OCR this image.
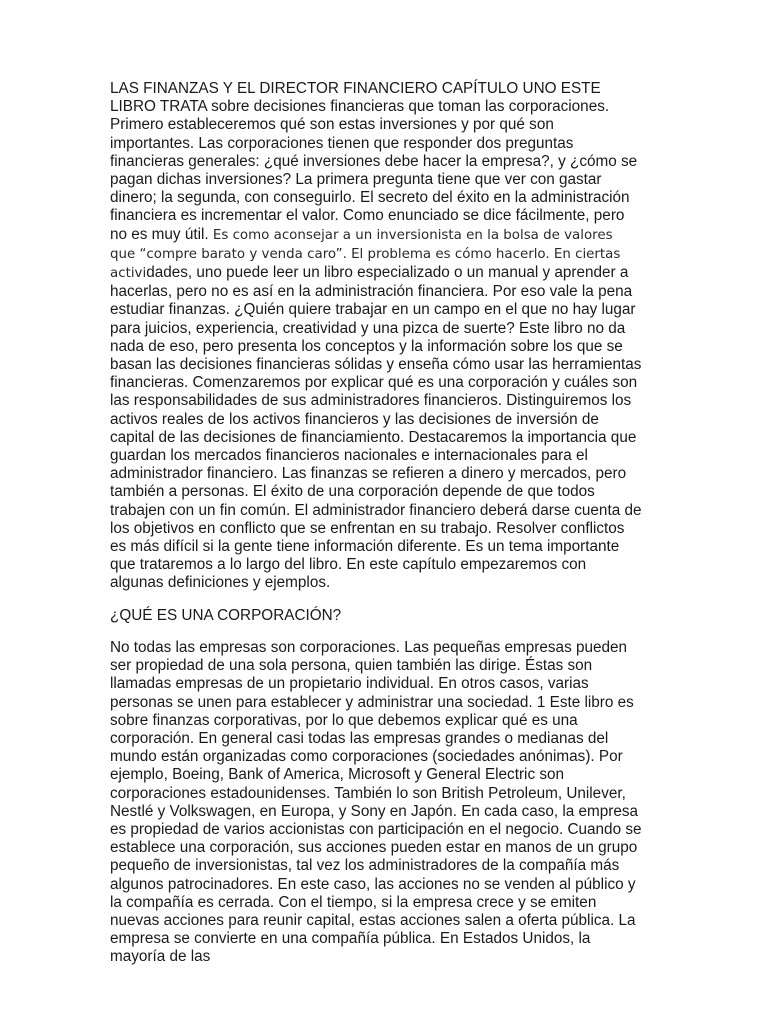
LAS FINANZAS Y EL DIRECTOR FINANCIERO CAPÍTULO UNO ESTE LIBRO TRATA sobre decisiones financieras que toman las corporaciones. Primero estableceremos qué son estas inversiones y por qué son importantes. Las corporaciones tienen que responder dos preguntas financieras generales: ¿qué inversiones debe hacer la empresa?, y ¿cómo se pagan dichas inversiones? La primera pregunta tiene que ver con gastar dinero; la segunda, con conseguirlo. El secreto del éxito en la administración financiera es incrementar el valor. Como enunciado se dice fácilmente, pero no es muy útil. Es como aconsejar a un inversionista en la bolsa de valores que “compre barato y venda caro”. El problema es cómo hacerlo. En ciertas actividades, uno puede leer un libro especializado o un manual y aprender a hacerlas, pero no es así en la administración financiera. Por eso vale la pena estudiar finanzas. ¿Quién quiere trabajar en un campo en el que no hay lugar para juicios, experiencia, creatividad y una pizca de suerte? Este libro no da nada de eso, pero presenta los conceptos y la información sobre los que se basan las decisiones financieras sólidas y enseña cómo usar las herramientas financieras. Comenzaremos por explicar qué es una corporación y cuáles son las responsabilidades de sus administradores financieros. Distinguiremos los activos reales de los activos financieros y las decisiones de inversión de capital de las decisiones de financiamiento. Destacaremos la importancia que guardan los mercados financieros nacionales e internacionales para el administrador financiero. Las finanzas se refieren a dinero y mercados, pero también a personas. El éxito de una corporación depende de que todos trabajen con un fin común. El administrador financiero deberá darse cuenta de los objetivos en conflicto que se enfrentan en su trabajo. Resolver conflictos es más difícil si la gente tiene información diferente. Es un tema importante que trataremos a lo largo del libro. En este capítulo empezaremos con algunas definiciones y ejemplos.

¿QUÉ ES UNA CORPORACIÓN?

No todas las empresas son corporaciones. Las pequeñas empresas pueden ser propiedad de una sola persona, quien también las dirige. Éstas son llamadas empresas de un propietario individual. En otros casos, varias personas se unen para establecer y administrar una sociedad. 1 Este libro es sobre finanzas corporativas, por lo que debemos explicar qué es una corporación. En general casi todas las empresas grandes o medianas del mundo están organizadas como corporaciones (sociedades anónimas). Por ejemplo, Boeing, Bank of America, Microsoft y General Electric son corporaciones estadounidenses. También lo son British Petroleum, Unilever, Nestlé y Volkswagen, en Europa, y Sony en Japón. En cada caso, la empresa es propiedad de varios accionistas con participación en el negocio. Cuando se establece una corporación, sus acciones pueden estar en manos de un grupo pequeño de inversionistas, tal vez los administradores de la compañía más algunos patrocinadores. En este caso, las acciones no se venden al público y la compañía es cerrada. Con el tiempo, si la empresa crece y se emiten nuevas acciones para reunir capital, estas acciones salen a oferta pública. La empresa se convierte en una compañía pública. En Estados Unidos, la mayoría de las
